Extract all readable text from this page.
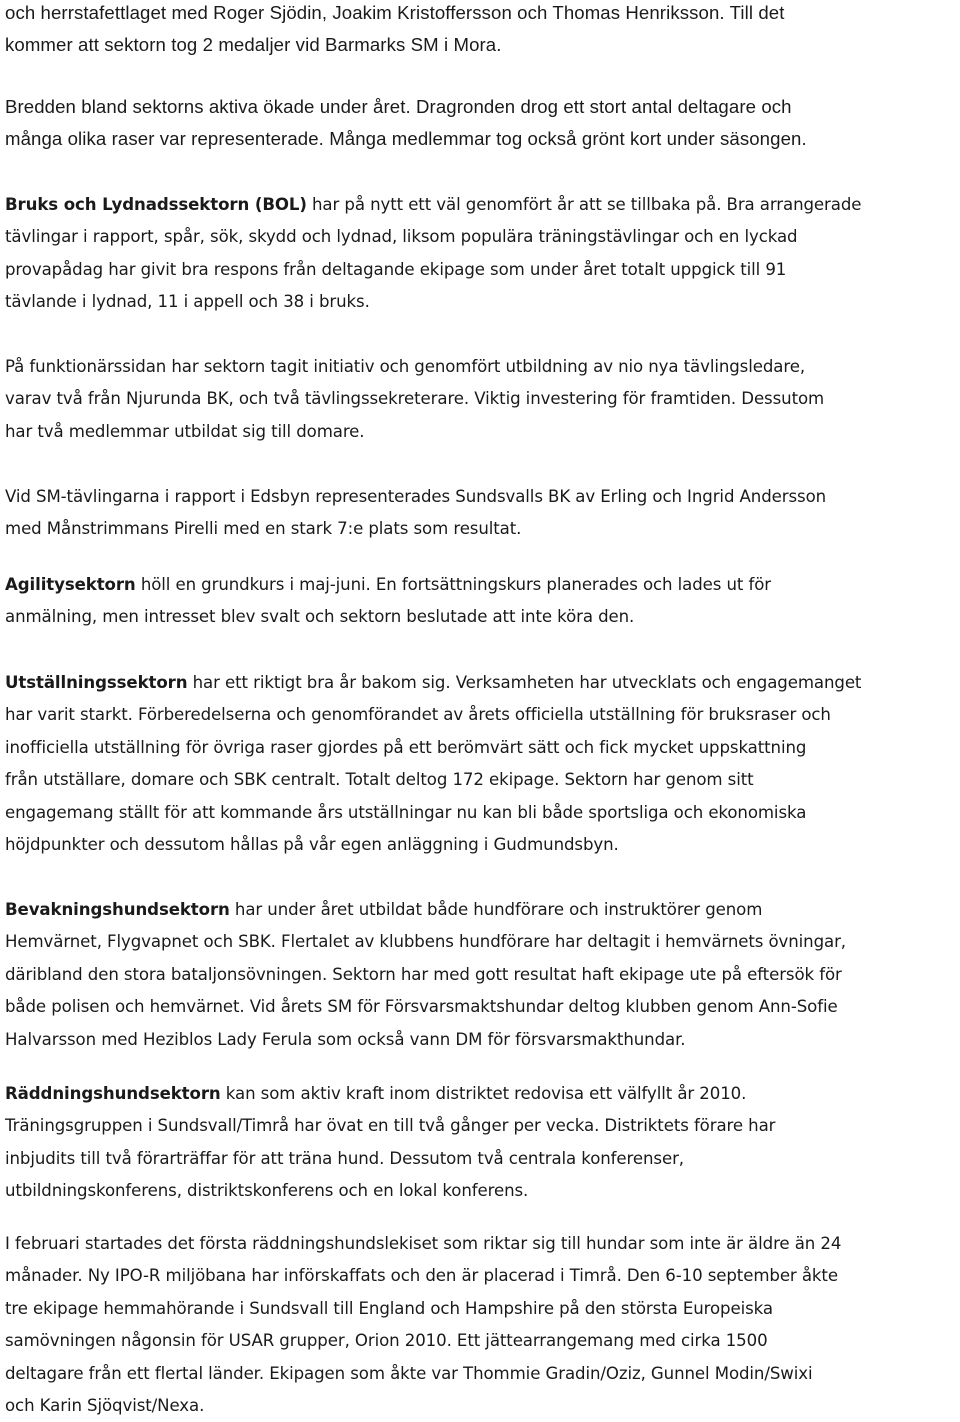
och herrstafettlaget med Roger Sjödin, Joakim Kristoffersson och Thomas Henriksson. Till det
kommer att sektorn tog 2 medaljer vid Barmarks SM i Mora.
Bredden bland sektorns aktiva ökade under året. Dragronden drog ett stort antal deltagare och
många olika raser var representerade. Många medlemmar tog också grönt kort under säsongen.
Bruks och Lydnadssektorn (BOL) har på nytt ett väl genomfört år att se tillbaka på. Bra arrangerade
tävlingar i rapport, spår, sök, skydd och lydnad, liksom populära träningstävlingar och en lyckad
provapådag har givit bra respons från deltagande ekipage som under året totalt uppgick till 91
tävlande i lydnad, 11 i appell och 38 i bruks.
På funktionärssidan har sektorn tagit initiativ och genomfört utbildning av nio nya tävlingsledare,
varav två från Njurunda BK, och två tävlingssekreterare. Viktig investering för framtiden. Dessutom
har två medlemmar utbildat sig till domare.
Vid SM-tävlingarna i rapport i Edsbyn representerades Sundsvalls BK av Erling och Ingrid Andersson
med Månstrimmans Pirelli med en stark 7:e plats som resultat.
Agilitysektorn höll en grundkurs i maj-juni. En fortsättningskurs planerades och lades ut för
anmälning, men intresset blev svalt och sektorn beslutade att inte köra den.
Utställningssektorn har ett riktigt bra år bakom sig. Verksamheten har utvecklats och engagemanget
har varit starkt. Förberedelserna och genomförandet av årets officiella utställning för bruksraser och
inofficiella utställning för övriga raser gjordes på ett berömvärt sätt och fick mycket uppskattning
från utställare, domare och SBK centralt. Totalt deltog 172 ekipage. Sektorn har genom sitt
engagemang ställt för att kommande års utställningar nu kan bli både sportsliga och ekonomiska
höjdpunkter och dessutom hållas på vår egen anläggning i Gudmundsbyn.
Bevakningshundsektorn har under året utbildat både hundförare och instruktörer genom
Hemvärnet, Flygvapnet och SBK. Flertalet av klubbens hundförare har deltagit i hemvärnets övningar,
däribland den stora bataljonsövningen. Sektorn har med gott resultat haft ekipage ute på eftersök för
både polisen och hemvärnet. Vid årets SM för Försvarsmaktshundar deltog klubben genom Ann-Sofie
Halvarsson med Heziblos Lady Ferula som också vann DM för försvarsmakthundar.
Räddningshundsektorn kan som aktiv kraft inom distriktet redovisa ett välfyllt år 2010.
Träningsgruppen i Sundsvall/Timrå har övat en till två gånger per vecka. Distriktets förare har
inbjudits till två förarträffar för att träna hund. Dessutom två centrala konferenser,
utbildningskonferens, distriktskonferens och en lokal konferens.
I februari startades det första räddningshundslekiset som riktar sig till hundar som inte är äldre än 24
månader. Ny IPO-R miljöbana har införskaffats och den är placerad i Timrå. Den 6-10 september åkte
tre ekipage hemmahörande i Sundsvall till England och Hampshire på den största Europeiska
samövningen någonsin för USAR grupper, Orion 2010. Ett jättearrangemang med cirka 1500
deltagare från ett flertal länder. Ekipagen som åkte var Thommie Gradin/Oziz, Gunnel Modin/Swixi
och Karin Sjöqvist/Nexa.
